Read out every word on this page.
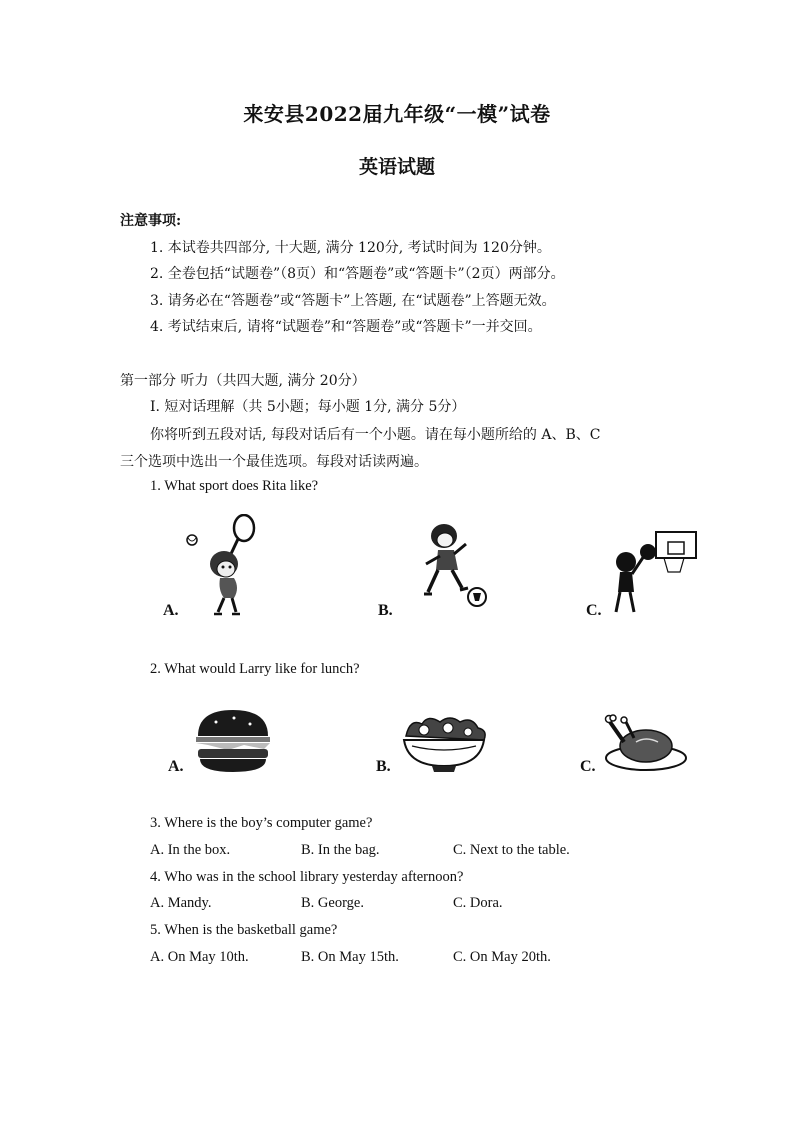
来安县2022届九年级“一模”试卷
英语试题
注意事项:
1. 本试卷共四部分, 十大题, 满分 120分, 考试时间为 120分钟。
2. 全卷包括“试题卷”（8页）和“答题卷”或“答题卡”（2页）两部分。
3. 请务必在“答题卷”或“答题卡”上答题, 在“试题卷”上答题无效。
4. 考试结束后, 请将“试题卷”和“答题卷”或“答题卡”一并交回。
第一部分 听力（共四大题, 满分 20分）
I. 短对话理解（共 5小题；每小题 1分, 满分 5分）
你将听到五段对话, 每段对话后有一个小题。请在每小题所给的 A、B、C
三个选项中选出一个最佳选项。每段对话读两遍。
1. What sport does Rita like?
A.	B.	C.
2. What would Larry like for lunch?
A.	B.	C.
3. Where is the boy’s computer game?
A. In the box.	B. In the bag.	C. Next to the table.
4. Who was in the school library yesterday afternoon?
A. Mandy.	B. George.	C. Dora.
5. When is the basketball game?
A. On May 10th.	B. On May 15th.	C. On May 20th.
